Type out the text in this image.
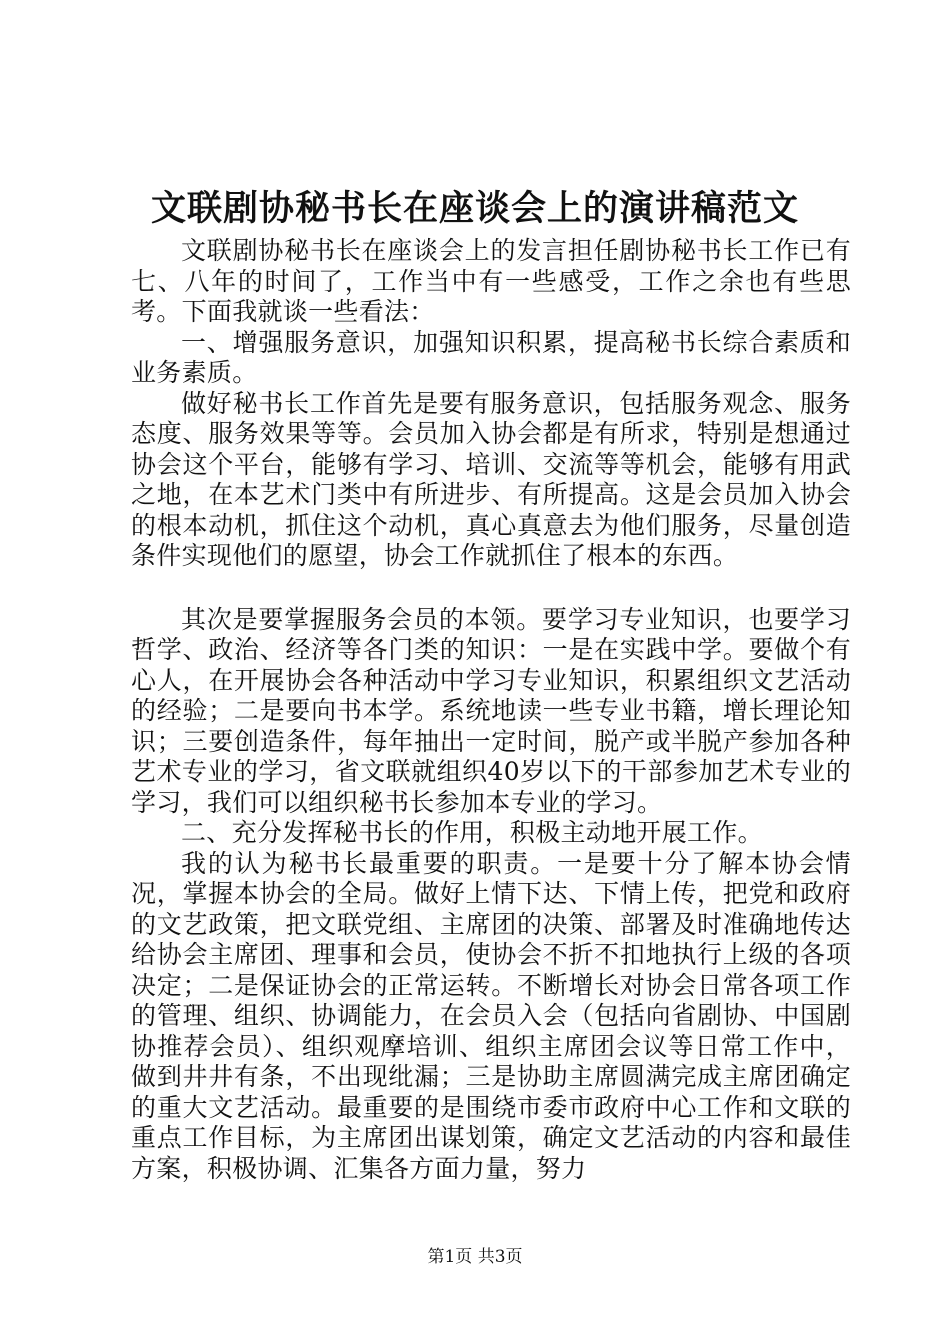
文联剧协秘书长在座谈会上的演讲稿范文

文联剧协秘书长在座谈会上的发言担任剧协秘书长工作已有七、八年的时间了，工作当中有一些感受，工作之余也有些思考。下面我就谈一些看法：

一、增强服务意识，加强知识积累，提高秘书长综合素质和业务素质。

做好秘书长工作首先是要有服务意识，包括服务观念、服务态度、服务效果等等。会员加入协会都是有所求，特别是想通过协会这个平台，能够有学习、培训、交流等等机会，能够有用武之地，在本艺术门类中有所进步、有所提高。这是会员加入协会的根本动机，抓住这个动机，真心真意去为他们服务，尽量创造条件实现他们的愿望，协会工作就抓住了根本的东西。

其次是要掌握服务会员的本领。要学习专业知识，也要学习哲学、政治、经济等各门类的知识：一是在实践中学。要做个有心人，在开展协会各种活动中学习专业知识，积累组织文艺活动的经验；二是要向书本学。系统地读一些专业书籍，增长理论知识；三要创造条件，每年抽出一定时间，脱产或半脱产参加各种艺术专业的学习，省文联就组织40岁以下的干部参加艺术专业的学习，我们可以组织秘书长参加本专业的学习。

二、充分发挥秘书长的作用，积极主动地开展工作。

我的认为秘书长最重要的职责。一是要十分了解本协会情况，掌握本协会的全局。做好上情下达、下情上传，把党和政府的文艺政策，把文联党组、主席团的决策、部署及时准确地传达给协会主席团、理事和会员，使协会不折不扣地执行上级的各项决定；二是保证协会的正常运转。不断增长对协会日常各项工作的管理、组织、协调能力，在会员入会（包括向省剧协、中国剧协推荐会员）、组织观摩培训、组织主席团会议等日常工作中，做到井井有条，不出现纰漏；三是协助主席圆满完成主席团确定的重大文艺活动。最重要的是围绕市委市政府中心工作和文联的重点工作目标，为主席团出谋划策，确定文艺活动的内容和最佳方案，积极协调、汇集各方面力量，努力

第1页 共3页
